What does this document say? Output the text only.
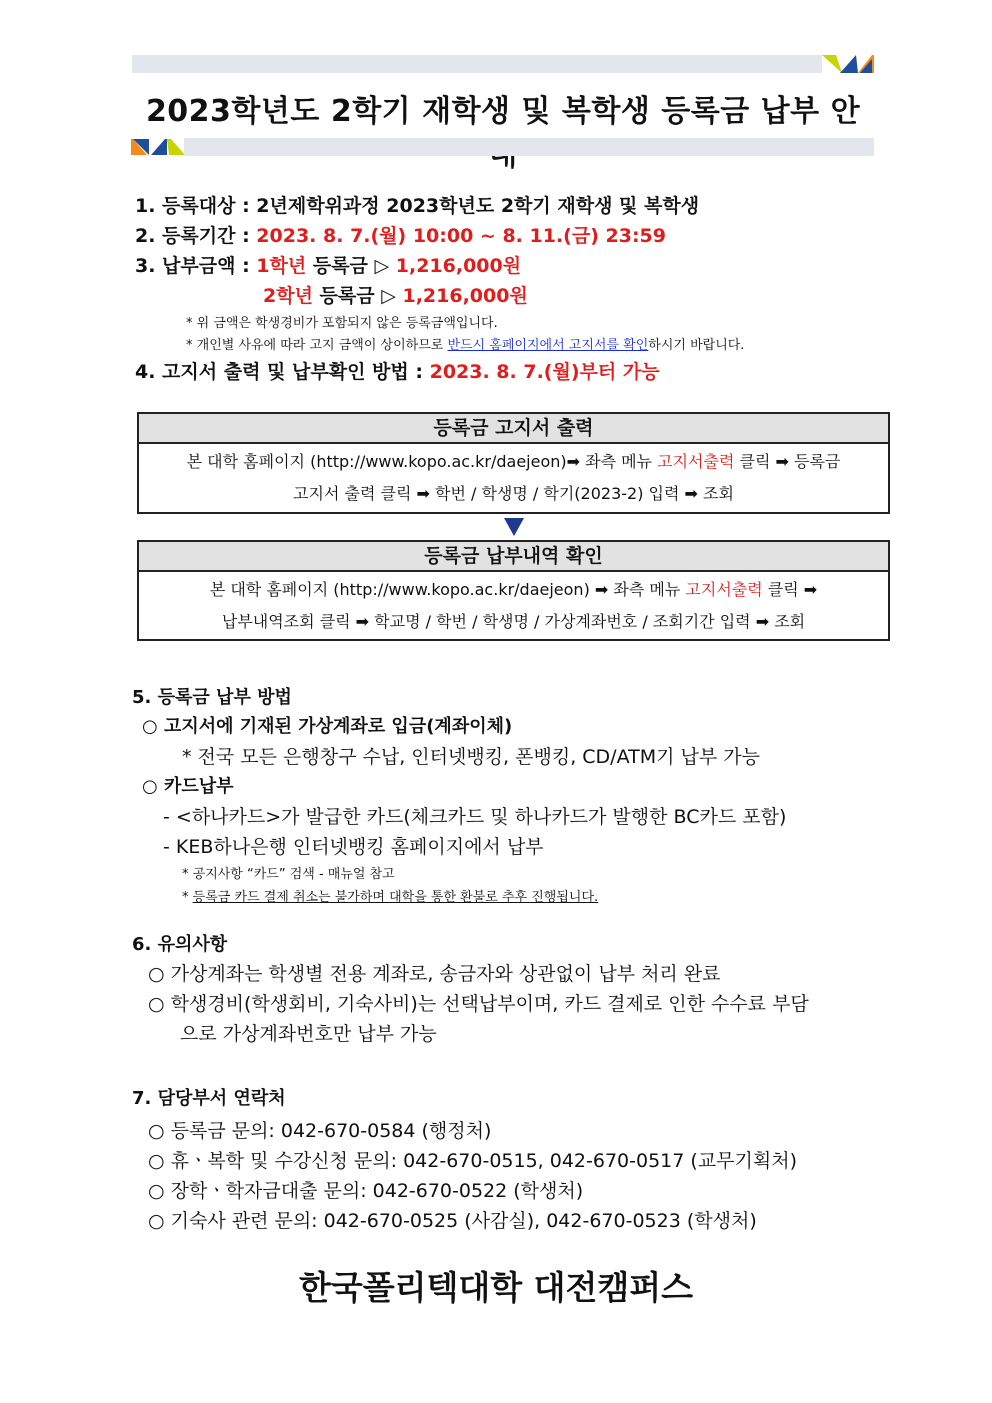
2023학년도 2학기 재학생 및 복학생 등록금 납부 안
1. 등록대상 : 2년제학위과정 2023학년도 2학기 재학생 및 복학생
2. 등록기간 : 2023. 8. 7.(월) 10:00 ~ 8. 11.(금) 23:59
3. 납부금액 : 1학년 등록금 ▷ 1,216,000원
2학년 등록금 ▷ 1,216,000원
* 위 금액은 학생경비가 포함되지 않은 등록금액입니다.
* 개인별 사유에 따라 고지 금액이 상이하므로 반드시 홈페이지에서 고지서를 확인하시기 바랍니다.
4. 고지서 출력 및 납부확인 방법 : 2023. 8. 7.(월)부터 가능
등록금 고지서 출력
본 대학 홈페이지 (http://www.kopo.ac.kr/daejeon)➡ 좌측 메뉴 고지서출력 클릭 ➡ 등록금
고지서 출력 클릭 ➡ 학번 / 학생명 / 학기(2023-2) 입력 ➡ 조회
등록금 납부내역 확인
본 대학 홈페이지 (http://www.kopo.ac.kr/daejeon) ➡ 좌측 메뉴 고지서출력 클릭 ➡
납부내역조회 클릭 ➡ 학교명 / 학번 / 학생명 / 가상계좌번호 / 조회기간 입력 ➡ 조회
5. 등록금 납부 방법
○ 고지서에 기재된 가상계좌로 입금(계좌이체)
* 전국 모든 은행창구 수납, 인터넷뱅킹, 폰뱅킹, CD/ATM기 납부 가능
○ 카드납부
- <하나카드>가 발급한 카드(체크카드 및 하나카드가 발행한 BC카드 포함)
- KEB하나은행 인터넷뱅킹 홈페이지에서 납부
* 공지사항 “카드” 검색 - 매뉴얼 참고
* 등록금 카드 결제 취소는 불가하며 대학을 통한 환불로 추후 진행됩니다.
6. 유의사항
○ 가상계좌는 학생별 전용 계좌로, 송금자와 상관없이 납부 처리 완료
○ 학생경비(학생회비, 기숙사비)는 선택납부이며, 카드 결제로 인한 수수료 부담
으로 가상계좌번호만 납부 가능
7. 담당부서 연락처
○ 등록금 문의: 042-670-0584 (행정처)
○ 휴ㆍ복학 및 수강신청 문의: 042-670-0515, 042-670-0517 (교무기획처)
○ 장학ㆍ학자금대출 문의: 042-670-0522 (학생처)
○ 기숙사 관련 문의: 042-670-0525 (사감실), 042-670-0523 (학생처)
한국폴리텍대학 대전캠퍼스
